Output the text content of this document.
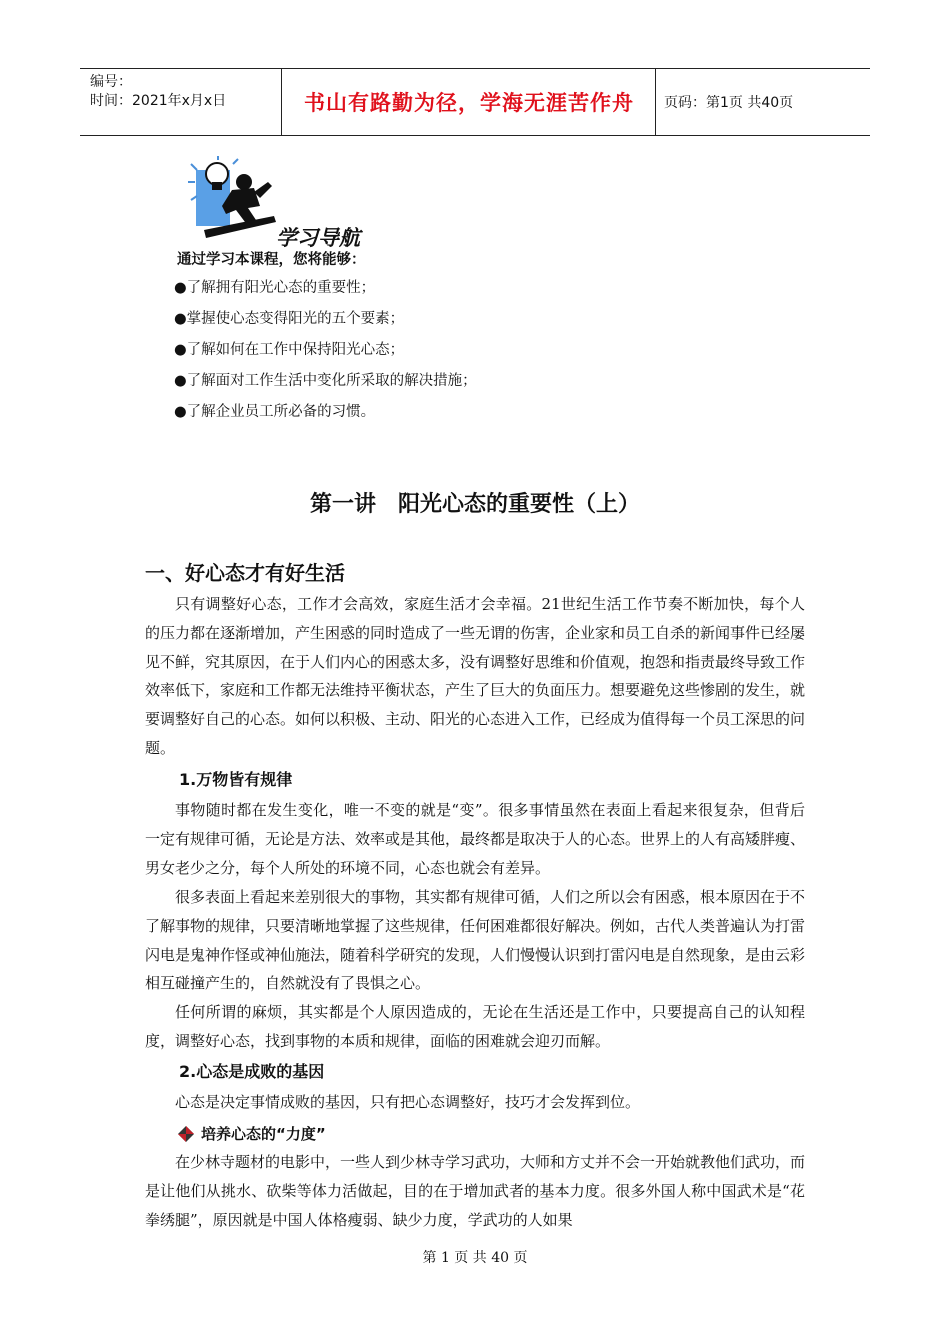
编号：
时间：2021年x月x日	书山有路勤为径，学海无涯苦作舟	页码：第1页 共40页
学习导航
通过学习本课程，您将能够：
●了解拥有阳光心态的重要性；
●掌握使心态变得阳光的五个要素；
●了解如何在工作中保持阳光心态；
●了解面对工作生活中变化所采取的解决措施；
●了解企业员工所必备的习惯。
第一讲　阳光心态的重要性（上）
一、好心态才有好生活

只有调整好心态，工作才会高效，家庭生活才会幸福。21世纪生活工作节奏不断加快，每个人的压力都在逐渐增加，产生困惑的同时造成了一些无谓的伤害，企业家和员工自杀的新闻事件已经屡见不鲜，究其原因，在于人们内心的困惑太多，没有调整好思维和价值观，抱怨和指责最终导致工作效率低下，家庭和工作都无法维持平衡状态，产生了巨大的负面压力。想要避免这些惨剧的发生，就要调整好自己的心态。如何以积极、主动、阳光的心态进入工作，已经成为值得每一个员工深思的问题。

1.万物皆有规律

事物随时都在发生变化，唯一不变的就是“变”。很多事情虽然在表面上看起来很复杂，但背后一定有规律可循，无论是方法、效率或是其他，最终都是取决于人的心态。世界上的人有高矮胖瘦、男女老少之分，每个人所处的环境不同，心态也就会有差异。

很多表面上看起来差别很大的事物，其实都有规律可循，人们之所以会有困惑，根本原因在于不了解事物的规律，只要清晰地掌握了这些规律，任何困难都很好解决。例如，古代人类普遍认为打雷闪电是鬼神作怪或神仙施法，随着科学研究的发现，人们慢慢认识到打雷闪电是自然现象，是由云彩相互碰撞产生的，自然就没有了畏惧之心。

任何所谓的麻烦，其实都是个人原因造成的，无论在生活还是工作中，只要提高自己的认知程度，调整好心态，找到事物的本质和规律，面临的困难就会迎刃而解。

2.心态是成败的基因

心态是决定事情成败的基因，只有把心态调整好，技巧才会发挥到位。

培养心态的“力度”

在少林寺题材的电影中，一些人到少林寺学习武功，大师和方丈并不会一开始就教他们武功，而是让他们从挑水、砍柴等体力活做起，目的在于增加武者的基本力度。很多外国人称中国武术是“花拳绣腿”，原因就是中国人体格瘦弱、缺少力度，学武功的人如果

第 1 页 共 40 页
